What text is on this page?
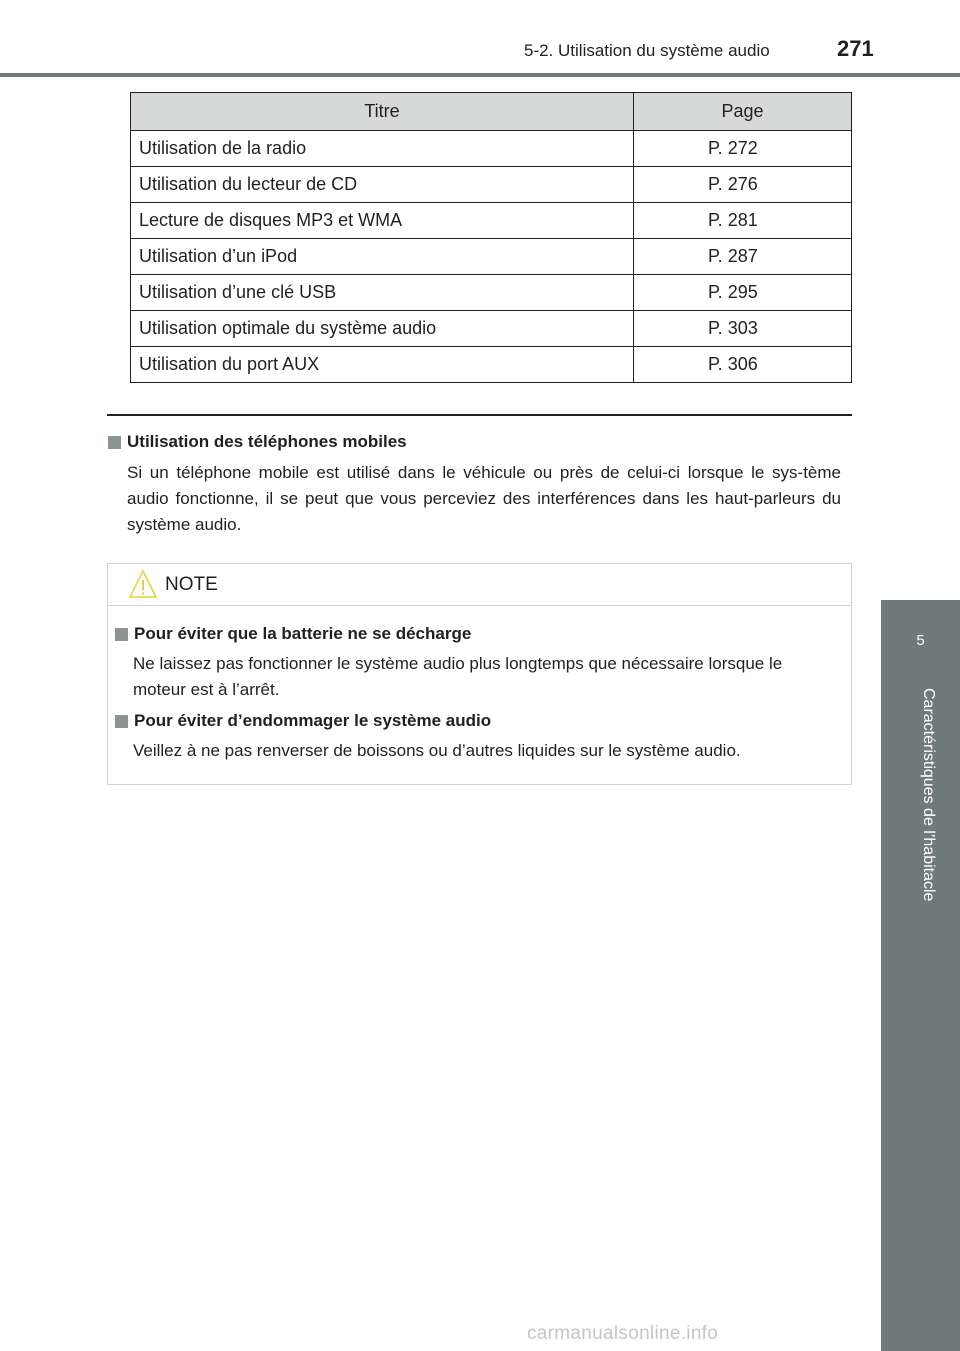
5-2. Utilisation du système audio	271
5
Caractéristiques de l’habitacle
Titre	Page
Utilisation de la radio	P. 272
Utilisation du lecteur de CD	P. 276
Lecture de disques MP3 et WMA	P. 281
Utilisation d’un iPod	P. 287
Utilisation d’une clé USB	P. 295
Utilisation optimale du système audio	P. 303
Utilisation du port AUX	P. 306
Utilisation des téléphones mobiles
Si un téléphone mobile est utilisé dans le véhicule ou près de celui-ci lorsque le sys-tème audio fonctionne, il se peut que vous perceviez des interférences dans les haut-parleurs du système audio.
NOTE
Pour éviter que la batterie ne se décharge
Ne laissez pas fonctionner le système audio plus longtemps que nécessaire lorsque le moteur est à l’arrêt.
Pour éviter d’endommager le système audio
Veillez à ne pas renverser de boissons ou d’autres liquides sur le système audio.
carmanualsonline.info
